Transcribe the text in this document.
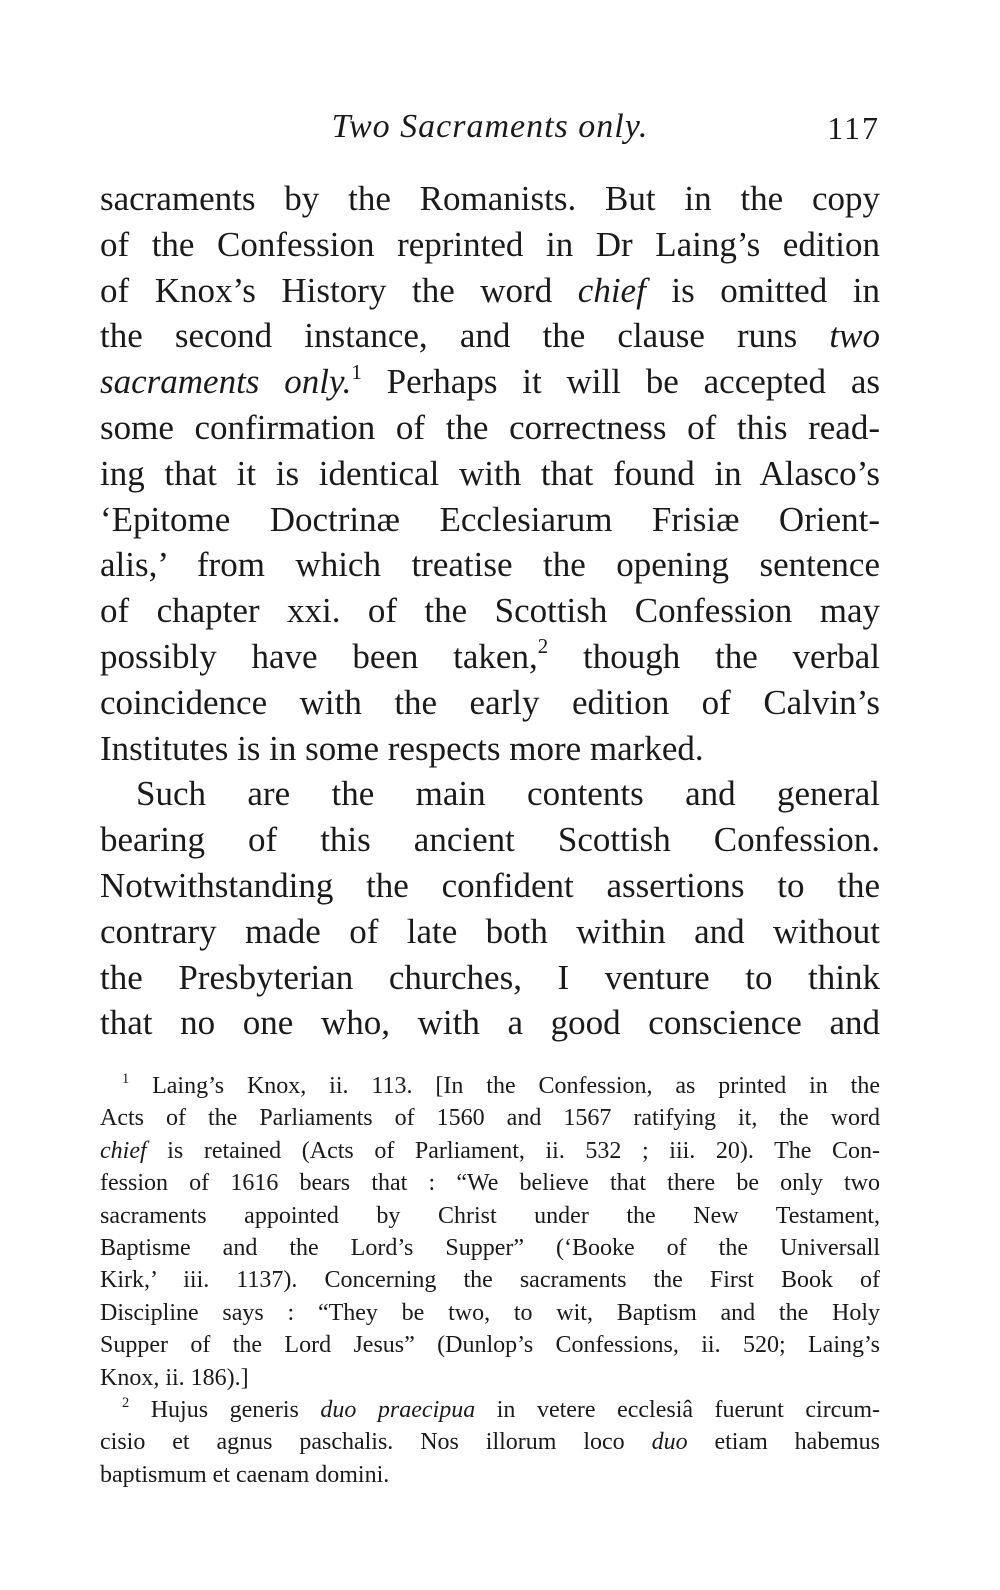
Two Sacraments only.	117
sacraments by the Romanists. But in the copy
of the Confession reprinted in Dr Laing’s edition
of Knox’s History the word chief is omitted in
the second instance, and the clause runs two
sacraments only.$^1$ Perhaps it will be accepted as
some confirmation of the correctness of this read-
ing that it is identical with that found in Alasco’s
‘Epitome Doctrinæ Ecclesiarum Frisiæ Orient-
alis,’ from which treatise the opening sentence
of chapter xxi. of the Scottish Confession may
possibly have been taken,$^2$ though the verbal
coincidence with the early edition of Calvin’s
Institutes is in some respects more marked.
Such are the main contents and general
bearing of this ancient Scottish Confession.
Notwithstanding the confident assertions to the
contrary made of late both within and without
the Presbyterian churches, I venture to think
that no one who, with a good conscience and
$^1$ Laing’s Knox, ii. 113. [In the Confession, as printed in the
Acts of the Parliaments of 1560 and 1567 ratifying it, the word
chief is retained (Acts of Parliament, ii. 532 ; iii. 20). The Con-
fession of 1616 bears that : “We believe that there be only two
sacraments appointed by Christ under the New Testament,
Baptisme and the Lord’s Supper” (‘Booke of the Universall
Kirk,’ iii. 1137). Concerning the sacraments the First Book of
Discipline says : “They be two, to wit, Baptism and the Holy
Supper of the Lord Jesus” (Dunlop’s Confessions, ii. 520; Laing’s
Knox, ii. 186).]
$^2$ Hujus generis duo praecipua in vetere ecclesiâ fuerunt circum-
cisio et agnus paschalis. Nos illorum loco duo etiam habemus
baptismum et caenam domini.
